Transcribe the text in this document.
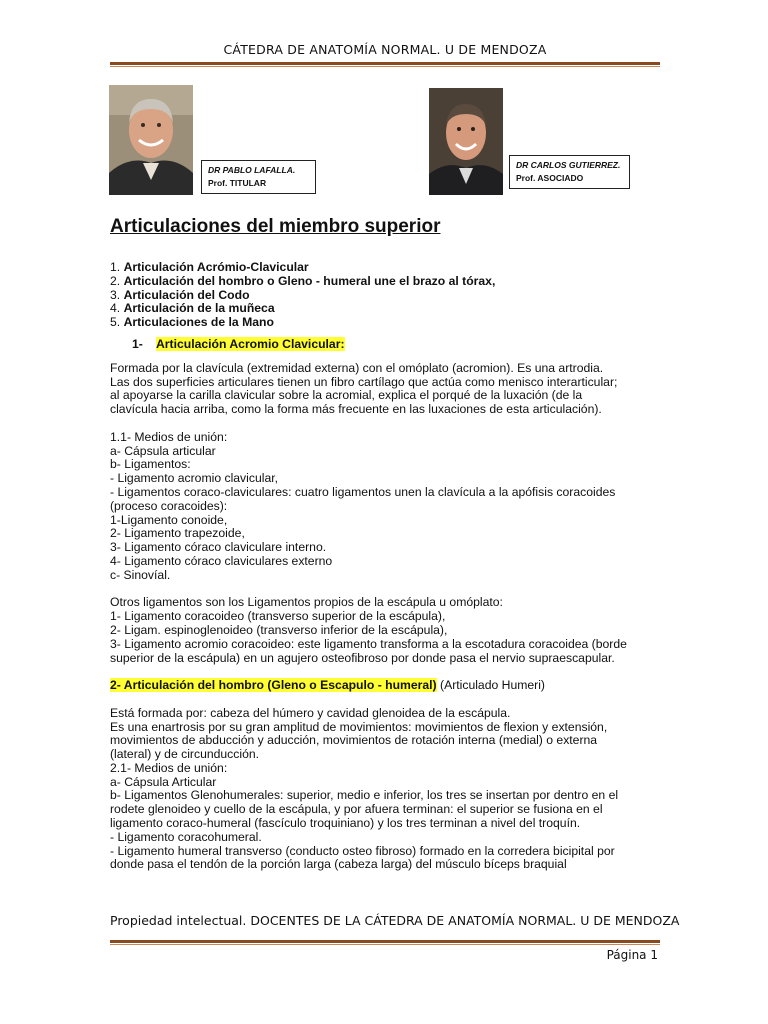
CÁTEDRA DE ANATOMÍA NORMAL. U DE MENDOZA
DR PABLO LAFALLA.
Prof. TITULAR
DR CARLOS GUTIERREZ.
Prof. ASOCIADO
Articulaciones del miembro superior

1. Articulación Acrómio-Clavicular

2. Articulación del hombro o Gleno - humeral une el brazo al tórax,

3. Articulación del Codo

4. Articulación de la muñeca

5. Articulaciones de la Mano

1- Articulación Acromio Clavicular:

Formada por la clavícula (extremidad externa) con el omóplato (acromion). Es una artrodia.

Las dos superficies articulares tienen un fibro cartílago que actúa como menisco interarticular;

al apoyarse la carilla clavicular sobre la acromial, explica el porqué de la luxación (de la

clavícula hacia arriba, como la forma más frecuente en las luxaciones de esta articulación).

1.1- Medios de unión:

a- Cápsula articular

b- Ligamentos:

- Ligamento acromio clavicular,

- Ligamentos coraco-claviculares: cuatro ligamentos unen la clavícula a la apófisis coracoides

(proceso coracoides):

1-Ligamento conoide,

2- Ligamento trapezoide,

3- Ligamento córaco claviculare interno.

4- Ligamento córaco claviculares externo

c- Sinovíal.

Otros ligamentos son los Ligamentos propios de la escápula u omóplato:

1- Ligamento coracoideo (transverso superior de la escápula),

2- Ligam. espinoglenoideo (transverso inferior de la escápula),

3- Ligamento acromio coracoideo: este ligamento transforma a la escotadura coracoidea (borde

superior de la escápula) en un agujero osteofibroso por donde pasa el nervio supraescapular.

2- Articulación del hombro (Gleno o Escapulo - humeral) (Articulado Humeri)

Está formada por: cabeza del húmero y cavidad glenoidea de la escápula.

Es una enartrosis por su gran amplitud de movimientos: movimientos de flexion y extensión,

movimientos de abducción y aducción, movimientos de rotación interna (medial) o externa

(lateral) y de circunducción.

2.1- Medios de unión:

a- Cápsula Articular

b- Ligamentos Glenohumerales: superior, medio e inferior, los tres se insertan por dentro en el

rodete glenoideo y cuello de la escápula, y por afuera terminan: el superior se fusiona en el

ligamento coraco-humeral (fascículo troquiniano) y los tres terminan a nivel del troquín.

- Ligamento coracohumeral.

- Ligamento humeral transverso (conducto osteo fibroso) formado en la corredera bicipital por

donde pasa el tendón de la porción larga (cabeza larga) del músculo bíceps braquial

Propiedad intelectual. DOCENTES DE LA CÁTEDRA DE ANATOMÍA NORMAL. U DE MENDOZA
Página 1
